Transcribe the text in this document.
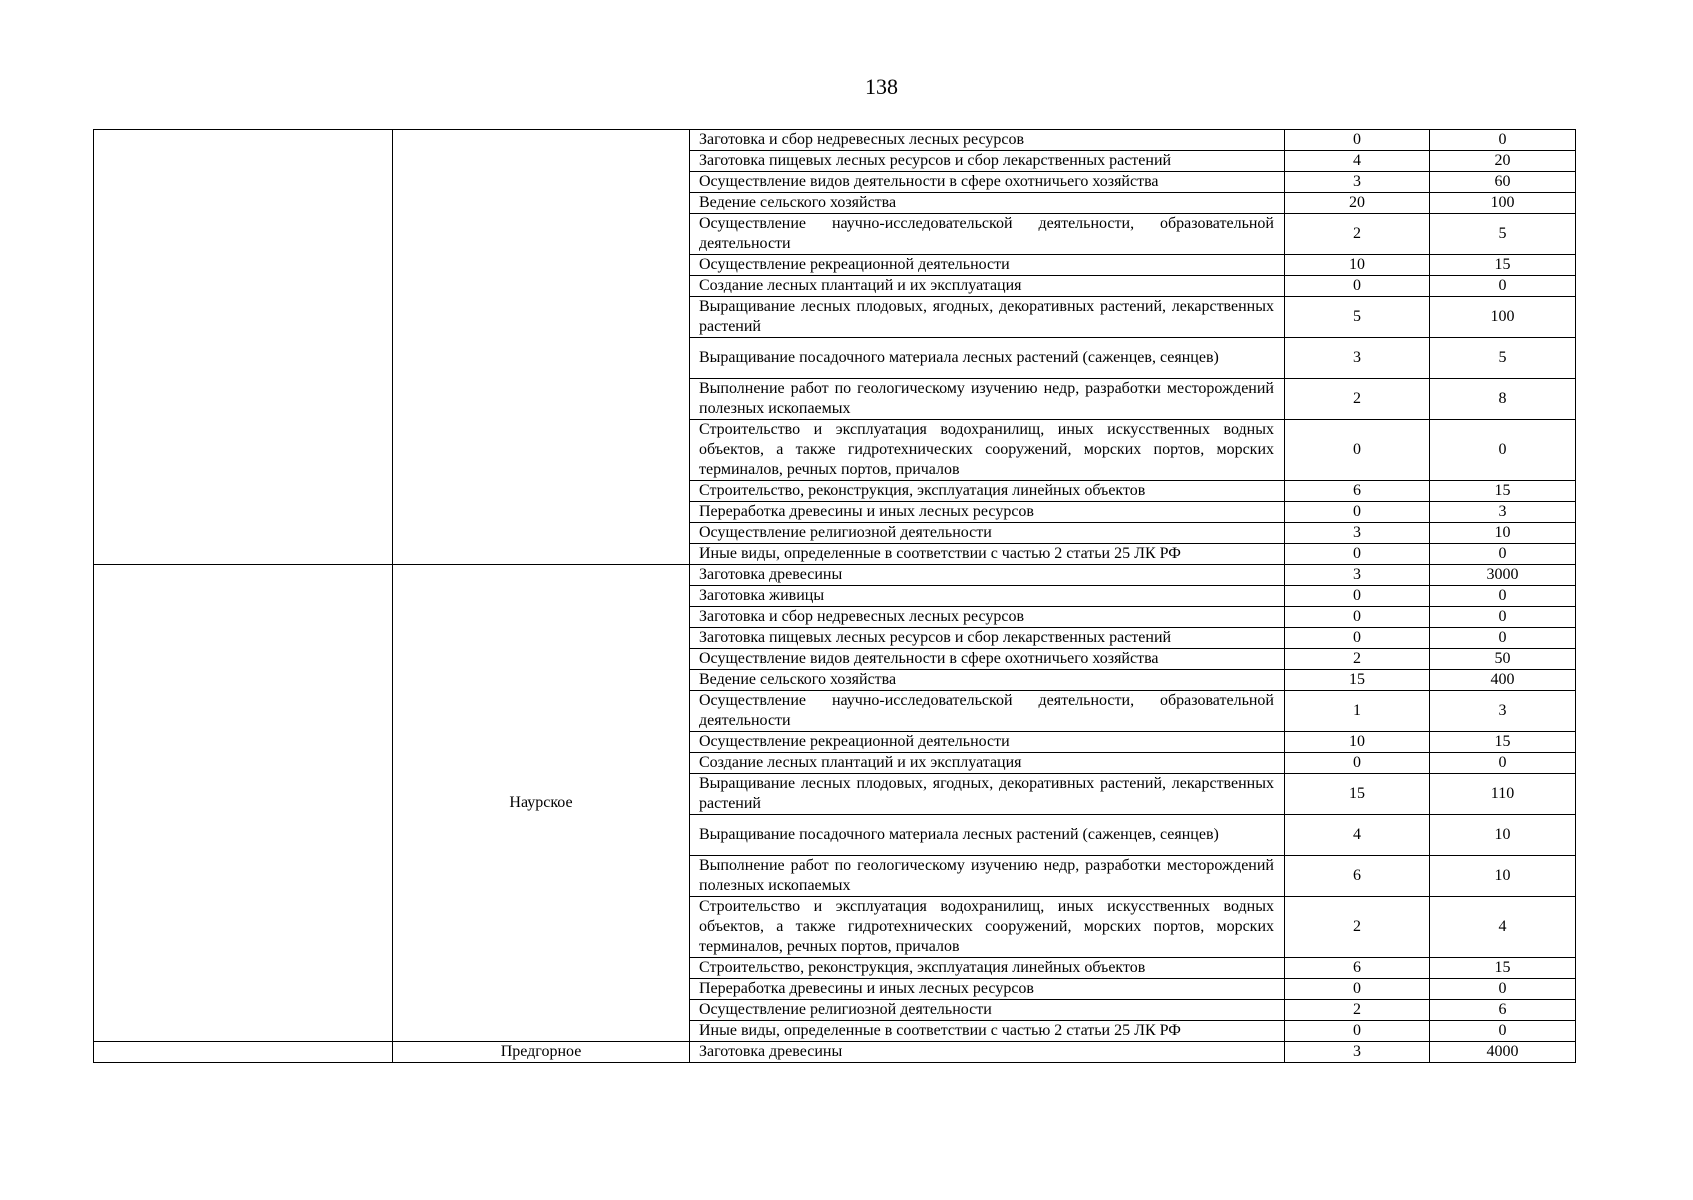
138
		Заготовка и сбор недревесных лесных ресурсов	0	0
		Заготовка пищевых лесных ресурсов и сбор лекарственных растений	4	20
		Осуществление видов деятельности в сфере охотничьего хозяйства	3	60
		Ведение сельского хозяйства	20	100
		Осуществление научно-исследовательской деятельности, образовательной деятельности	2	5
		Осуществление рекреационной деятельности	10	15
		Создание лесных плантаций и их эксплуатация	0	0
		Выращивание лесных плодовых, ягодных, декоративных растений, лекарственных растений	5	100
		Выращивание посадочного материала лесных растений (саженцев, сеянцев)	3	5
		Выполнение работ по геологическому изучению недр, разработки месторождений полезных ископаемых	2	8
		Строительство и эксплуатация водохранилищ, иных искусственных водных объектов, а также гидротехнических сооружений, морских портов, морских терминалов, речных портов, причалов	0	0
		Строительство, реконструкция, эксплуатация линейных объектов	6	15
		Переработка древесины и иных лесных ресурсов	0	3
		Осуществление религиозной деятельности	3	10
		Иные виды, определенные в соответствии с частью 2 статьи 25 ЛК РФ	0	0
	Наурское	Заготовка древесины	3	3000
		Заготовка живицы	0	0
		Заготовка и сбор недревесных лесных ресурсов	0	0
		Заготовка пищевых лесных ресурсов и сбор лекарственных растений	0	0
		Осуществление видов деятельности в сфере охотничьего хозяйства	2	50
		Ведение сельского хозяйства	15	400
		Осуществление научно-исследовательской деятельности, образовательной деятельности	1	3
		Осуществление рекреационной деятельности	10	15
		Создание лесных плантаций и их эксплуатация	0	0
		Выращивание лесных плодовых, ягодных, декоративных растений, лекарственных растений	15	110
		Выращивание посадочного материала лесных растений (саженцев, сеянцев)	4	10
		Выполнение работ по геологическому изучению недр, разработки месторождений полезных ископаемых	6	10
		Строительство и эксплуатация водохранилищ, иных искусственных водных объектов, а также гидротехнических сооружений, морских портов, морских терминалов, речных портов, причалов	2	4
		Строительство, реконструкция, эксплуатация линейных объектов	6	15
		Переработка древесины и иных лесных ресурсов	0	0
		Осуществление религиозной деятельности	2	6
		Иные виды, определенные в соответствии с частью 2 статьи 25 ЛК РФ	0	0
	Предгорное	Заготовка древесины	3	4000
